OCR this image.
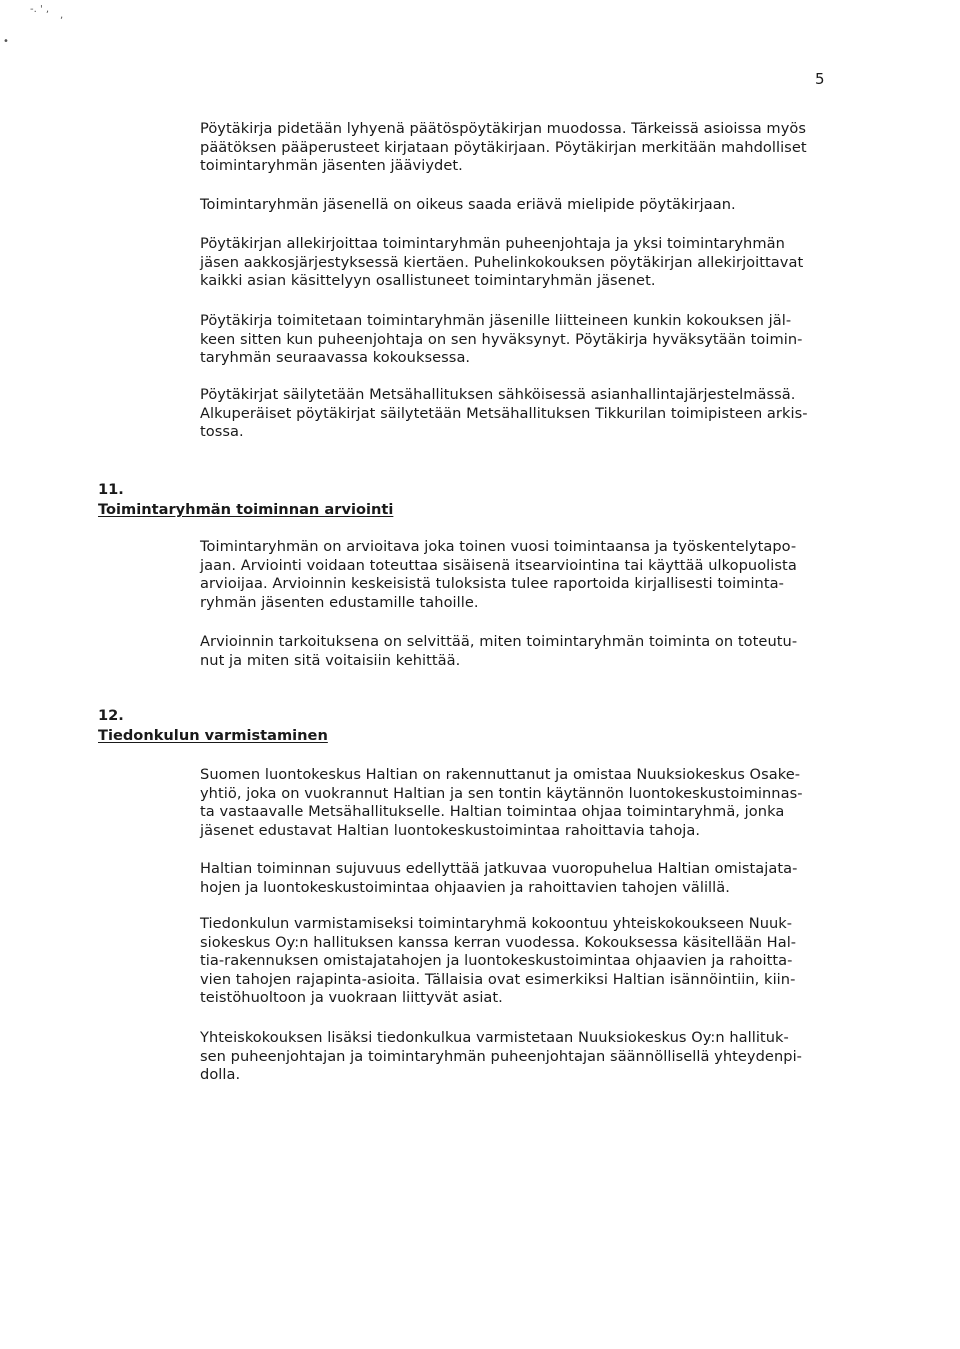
-. ' ,
,
•
5

Pöytäkirja pidetään lyhyenä päätöspöytäkirjan muodossa. Tärkeissä asioissa myös
päätöksen pääperusteet kirjataan pöytäkirjaan. Pöytäkirjan merkitään mahdolliset
toimintaryhmän jäsenten jääviydet.

Toimintaryhmän jäsenellä on oikeus saada eriävä mielipide pöytäkirjaan.

Pöytäkirjan allekirjoittaa toimintaryhmän puheenjohtaja ja yksi toimintaryhmän
jäsen aakkosjärjestyksessä kiertäen. Puhelinkokouksen pöytäkirjan allekirjoittavat
kaikki asian käsittelyyn osallistuneet toimintaryhmän jäsenet.

Pöytäkirja toimitetaan toimintaryhmän jäsenille liitteineen kunkin kokouksen jäl-
keen sitten kun puheenjohtaja on sen hyväksynyt. Pöytäkirja hyväksytään toimin-
taryhmän seuraavassa kokouksessa.

Pöytäkirjat säilytetään Metsähallituksen sähköisessä asianhallintajärjestelmässä.
Alkuperäiset pöytäkirjat säilytetään Metsähallituksen Tikkurilan toimipisteen arkis-
tossa.

11.
Toimintaryhmän toiminnan arviointi

Toimintaryhmän on arvioitava joka toinen vuosi toimintaansa ja työskentelytapo-
jaan. Arviointi voidaan toteuttaa sisäisenä itsearviointina tai käyttää ulkopuolista
arvioijaa. Arvioinnin keskeisistä tuloksista tulee raportoida kirjallisesti toiminta-
ryhmän jäsenten edustamille tahoille.

Arvioinnin tarkoituksena on selvittää, miten toimintaryhmän toiminta on toteutu-
nut ja miten sitä voitaisiin kehittää.

12.
Tiedonkulun varmistaminen

Suomen luontokeskus Haltian on rakennuttanut ja omistaa Nuuksiokeskus Osake-
yhtiö, joka on vuokrannut Haltian ja sen tontin käytännön luontokeskustoiminnas-
ta vastaavalle Metsähallitukselle. Haltian toimintaa ohjaa toimintaryhmä, jonka
jäsenet edustavat Haltian luontokeskustoimintaa rahoittavia tahoja.

Haltian toiminnan sujuvuus edellyttää jatkuvaa vuoropuhelua Haltian omistajata-
hojen ja luontokeskustoimintaa ohjaavien ja rahoittavien tahojen välillä.

Tiedonkulun varmistamiseksi toimintaryhmä kokoontuu yhteiskokoukseen Nuuk-
siokeskus Oy:n hallituksen kanssa kerran vuodessa. Kokouksessa käsitellään Hal-
tia-rakennuksen omistajatahojen ja luontokeskustoimintaa ohjaavien ja rahoitta-
vien tahojen rajapinta-asioita. Tällaisia ovat esimerkiksi Haltian isännöintiin, kiin-
teistöhuoltoon ja vuokraan liittyvät asiat.

Yhteiskokouksen lisäksi tiedonkulkua varmistetaan Nuuksiokeskus Oy:n hallituk-
sen puheenjohtajan ja toimintaryhmän puheenjohtajan säännöllisellä yhteydenpi-
dolla.
